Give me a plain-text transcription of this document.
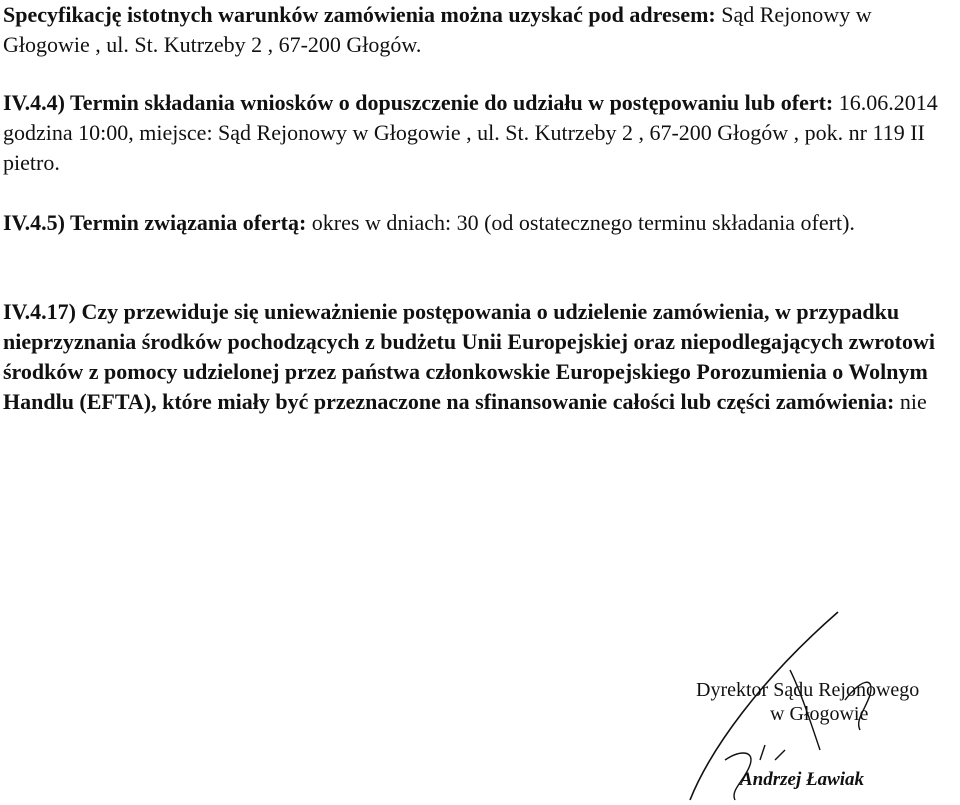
Specyfikację istotnych warunków zamówienia można uzyskać pod adresem: Sąd Rejonowy w Głogowie , ul. St. Kutrzeby 2 , 67-200 Głogów.

IV.4.4) Termin składania wniosków o dopuszczenie do udziału w postępowaniu lub ofert: 16.06.2014 godzina 10:00, miejsce: Sąd Rejonowy w Głogowie , ul. St. Kutrzeby 2 , 67-200 Głogów , pok. nr 119 II pietro.

IV.4.5) Termin związania ofertą: okres w dniach: 30 (od ostatecznego terminu składania ofert).

IV.4.17) Czy przewiduje się unieważnienie postępowania o udzielenie zamówienia, w przypadku nieprzyznania środków pochodzących z budżetu Unii Europejskiej oraz niepodlegających zwrotowi środków z pomocy udzielonej przez państwa członkowskie Europejskiego Porozumienia o Wolnym Handlu (EFTA), które miały być przeznaczone na sfinansowanie całości lub części zamówienia: nie

Dyrektor Sądu Rejonowego
w Głogowie
Andrzej Ławiak
